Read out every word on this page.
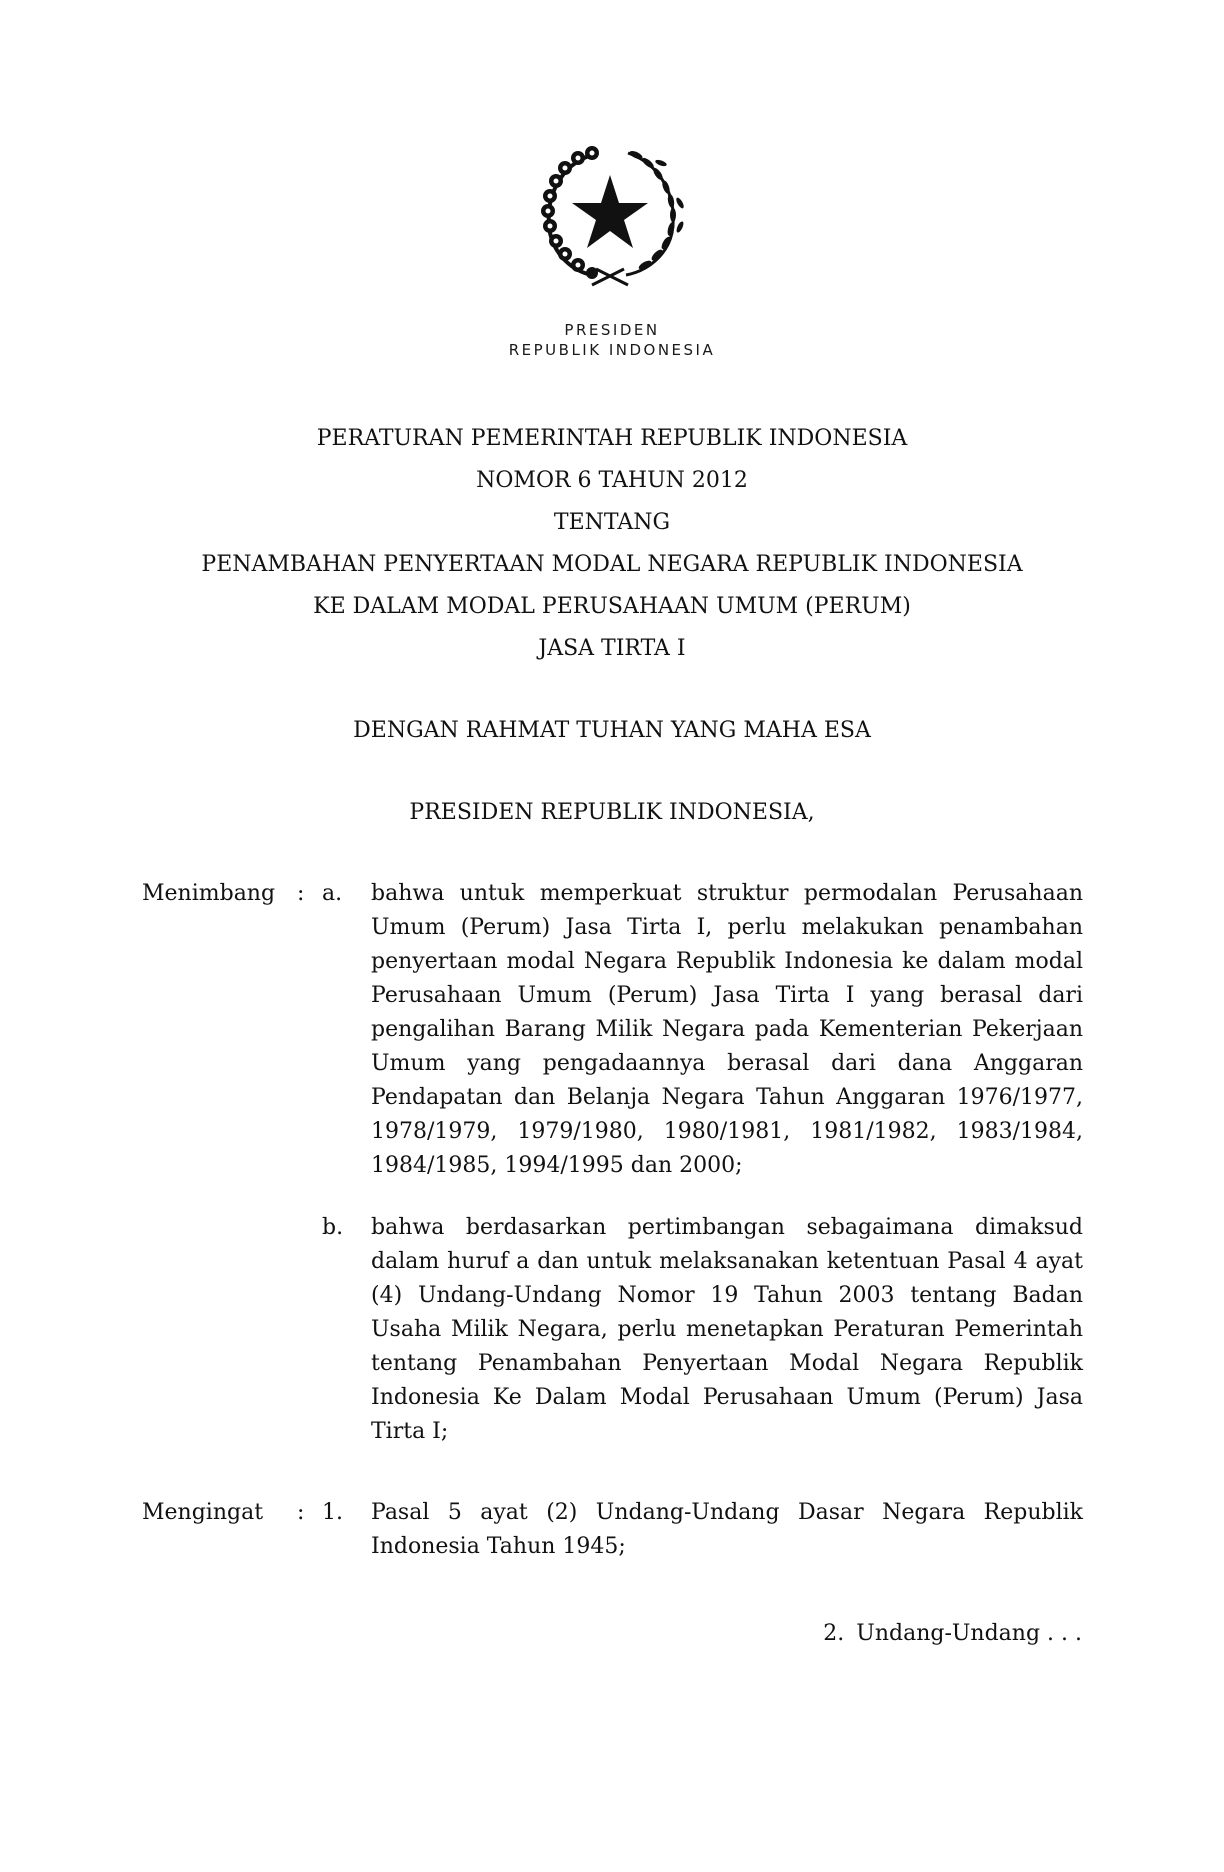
PRESIDEN
REPUBLIK INDONESIA
PERATURAN PEMERINTAH REPUBLIK INDONESIA
NOMOR 6 TAHUN 2012
TENTANG
PENAMBAHAN PENYERTAAN MODAL NEGARA REPUBLIK INDONESIA
KE DALAM MODAL PERUSAHAAN UMUM (PERUM)
JASA TIRTA I
DENGAN RAHMAT TUHAN YANG MAHA ESA
PRESIDEN REPUBLIK INDONESIA,
Menimbang : a. bahwa untuk memperkuat struktur permodalan Perusahaan Umum (Perum) Jasa Tirta I, perlu melakukan penambahan penyertaan modal Negara Republik Indonesia ke dalam modal Perusahaan Umum (Perum) Jasa Tirta I yang berasal dari pengalihan Barang Milik Negara pada Kementerian Pekerjaan Umum yang pengadaannya berasal dari dana Anggaran Pendapatan dan Belanja Negara Tahun Anggaran 1976/1977, 1978/1979, 1979/1980, 1980/1981, 1981/1982, 1983/1984, 1984/1985, 1994/1995 dan 2000;
b. bahwa berdasarkan pertimbangan sebagaimana dimaksud dalam huruf a dan untuk melaksanakan ketentuan Pasal 4 ayat (4) Undang-Undang Nomor 19 Tahun 2003 tentang Badan Usaha Milik Negara, perlu menetapkan Peraturan Pemerintah tentang Penambahan Penyertaan Modal Negara Republik Indonesia Ke Dalam Modal Perusahaan Umum (Perum) Jasa Tirta I;
Mengingat : 1. Pasal 5 ayat (2) Undang-Undang Dasar Negara Republik Indonesia Tahun 1945;
2. Undang-Undang . . .
